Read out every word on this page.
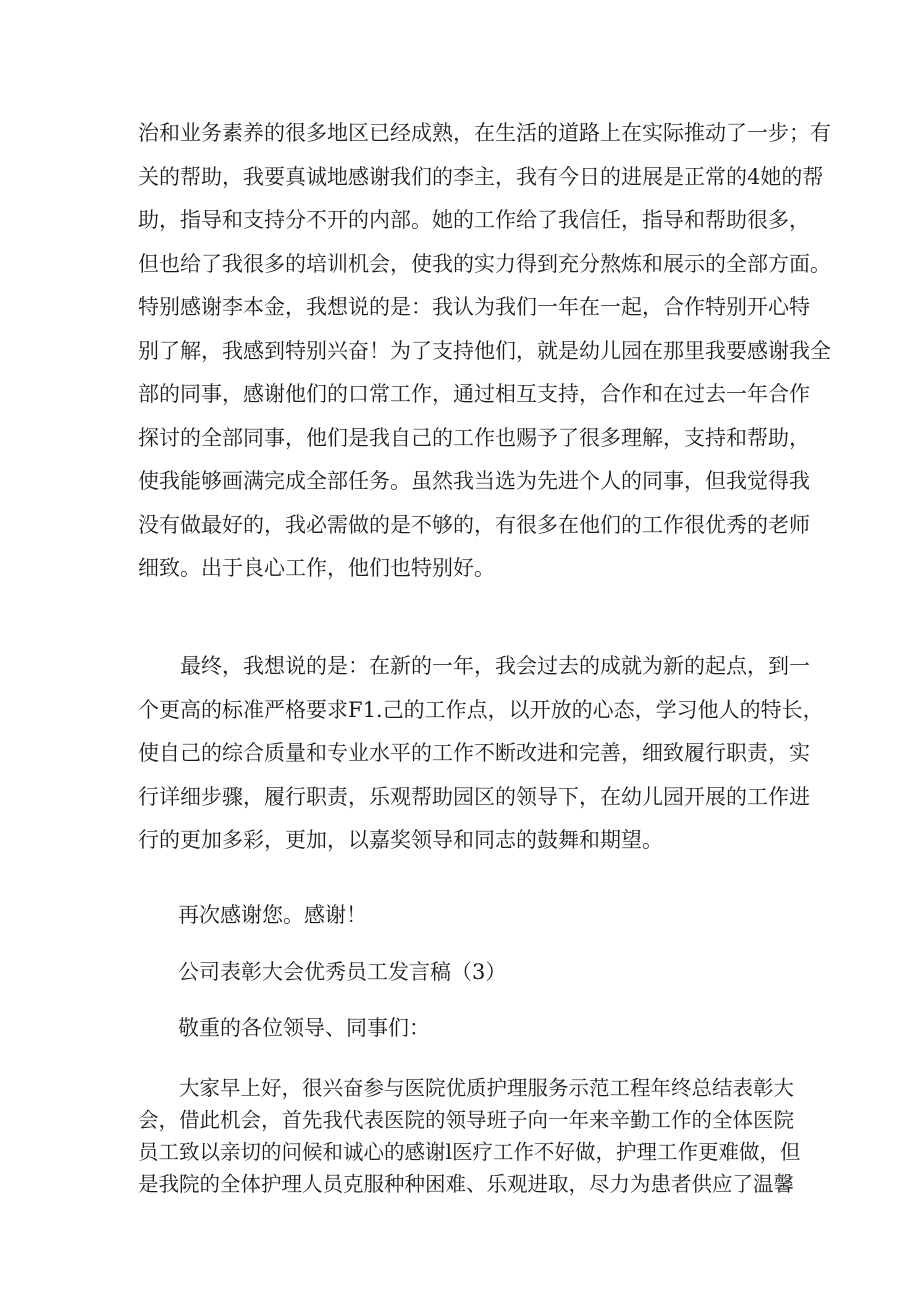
治和业务素养的很多地区已经成熟，在生活的道路上在实际推动了一步；有
关的帮助，我要真诚地感谢我们的李主，我有今日的进展是正常的4她的帮
助，指导和支持分不开的内部。她的工作给了我信任，指导和帮助很多，
但也给了我很多的培训机会，使我的实力得到充分熬炼和展示的全部方面。
特别感谢李本金，我想说的是：我认为我们一年在一起，合作特别开心特
别了解，我感到特别兴奋！为了支持他们，就是幼儿园在那里我要感谢我全
部的同事，感谢他们的口常工作，通过相互支持，合作和在过去一年合作
探讨的全部同事，他们是我自己的工作也赐予了很多理解，支持和帮助，
使我能够画满完成全部任务。虽然我当选为先进个人的同事，但我觉得我
没有做最好的，我必需做的是不够的，有很多在他们的工作很优秀的老师
细致。出于良心工作，他们也特别好。
　　最终，我想说的是：在新的一年，我会过去的成就为新的起点，到一
个更高的标准严格要求F1.己的工作点，以开放的心态，学习他人的特长，
使自己的综合质量和专业水平的工作不断改进和完善，细致履行职责，实
行详细步骤，履行职责，乐观帮助园区的领导下，在幼儿园开展的工作进
行的更加多彩，更加，以嘉奖领导和同志的鼓舞和期望。
再次感谢您。感谢！
公司表彰大会优秀员工发言稿（3）
敬重的各位领导、同事们：
　　大家早上好，很兴奋参与医院优质护理服务示范工程年终总结表彰大
会，借此机会，首先我代表医院的领导班子向一年来辛勤工作的全体医院
员工致以亲切的问候和诚心的感谢l医疗工作不好做，护理工作更难做，但
是我院的全体护理人员克服种种困难、乐观进取，尽力为患者供应了温馨
